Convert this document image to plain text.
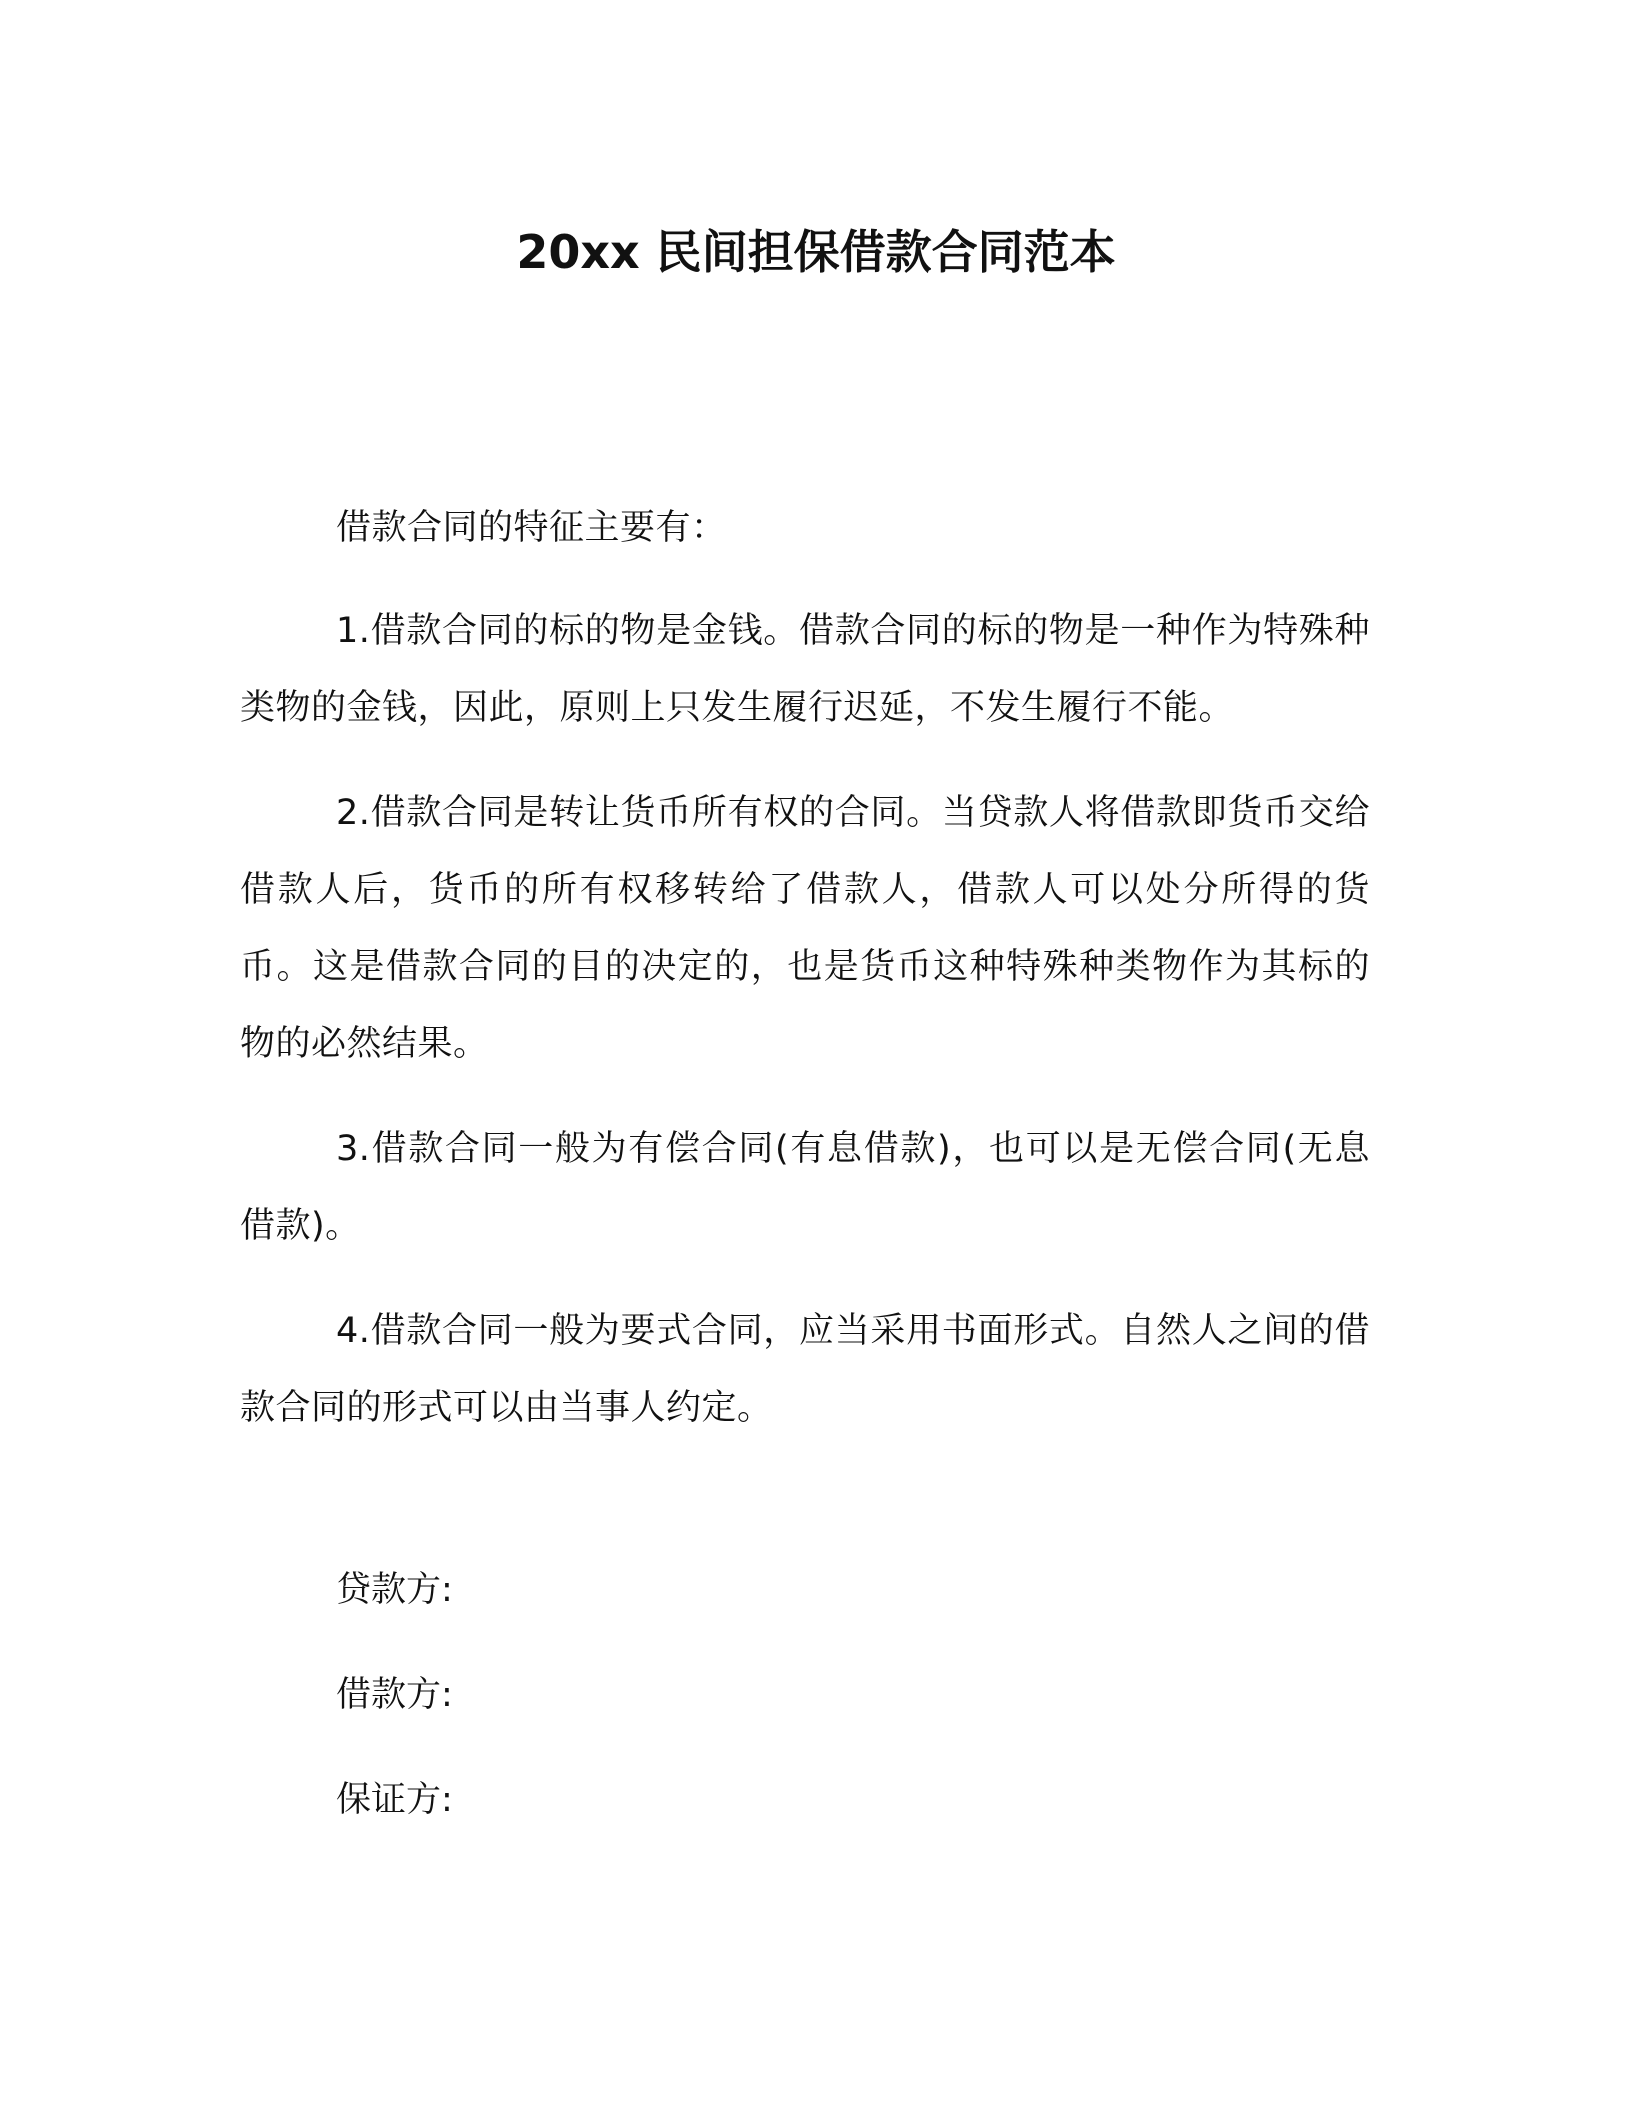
20xx 民间担保借款合同范本

借款合同的特征主要有：

1.借款合同的标的物是金钱。借款合同的标的物是一种作为特殊种类物的金钱，因此，原则上只发生履行迟延，不发生履行不能。

2.借款合同是转让货币所有权的合同。当贷款人将借款即货币交给借款人后，货币的所有权移转给了借款人，借款人可以处分所得的货币。这是借款合同的目的决定的，也是货币这种特殊种类物作为其标的物的必然结果。

3.借款合同一般为有偿合同(有息借款)，也可以是无偿合同(无息借款)。

4.借款合同一般为要式合同，应当采用书面形式。自然人之间的借款合同的形式可以由当事人约定。

贷款方:
借款方:
保证方:
